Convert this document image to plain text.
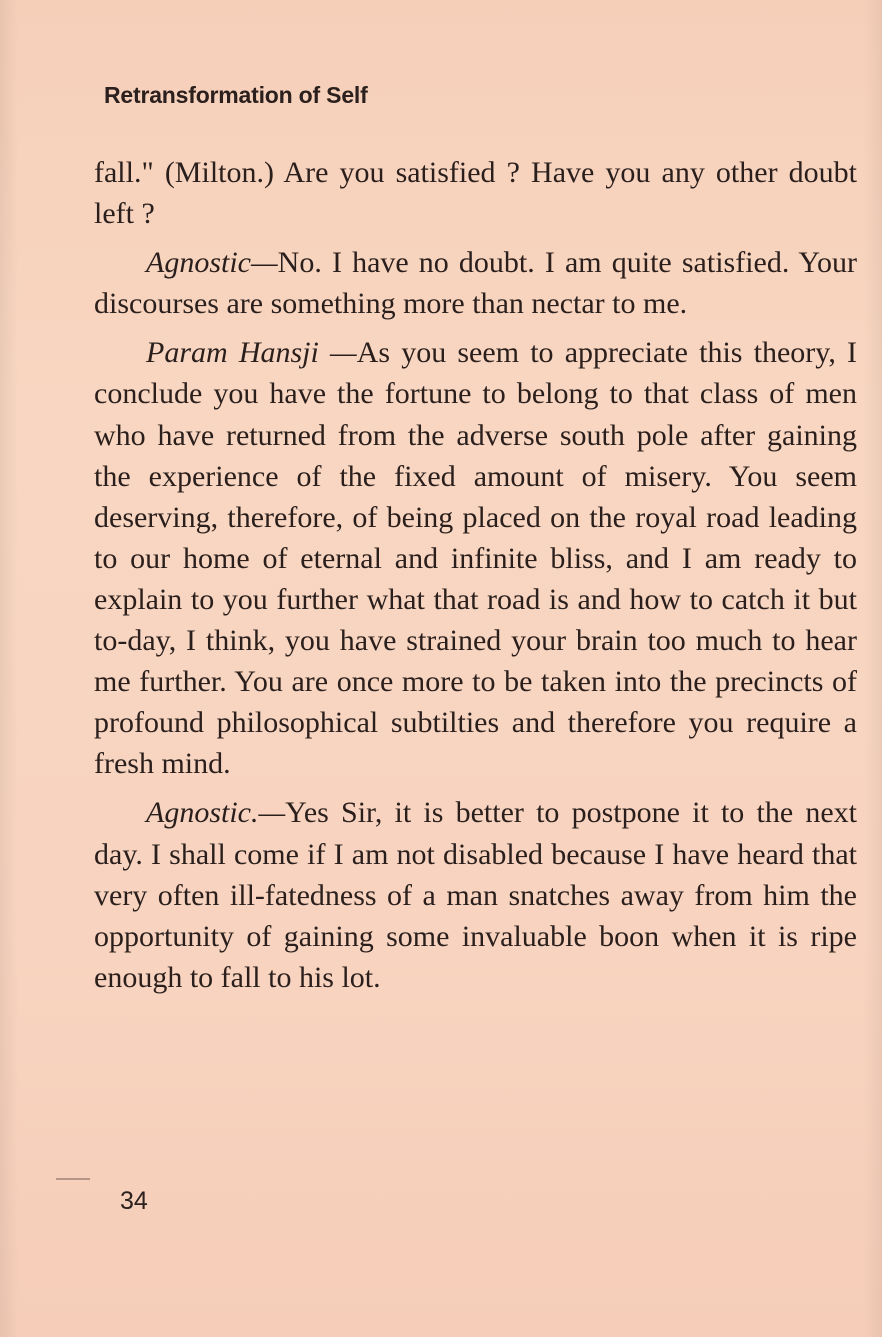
Retransformation of Self

fall." (Milton.) Are you satisfied ? Have you any other doubt left ?

Agnostic—No. I have no doubt. I am quite satisfied. Your discourses are something more than nectar to me.

Param Hansji —As you seem to appreciate this theory, I conclude you have the fortune to belong to that class of men who have returned from the adverse south pole after gaining the experience of the fixed amount of misery. You seem deserving, therefore, of being placed on the royal road leading to our home of eternal and infinite bliss, and I am ready to explain to you further what that road is and how to catch it but to-day, I think, you have strained your brain too much to hear me further. You are once more to be taken into the precincts of profound philosophical subtilties and therefore you require a fresh mind.

Agnostic.—Yes Sir, it is better to postpone it to the next day. I shall come if I am not disabled because I have heard that very often ill-fatedness of a man snatches away from him the opportunity of gaining some invaluable boon when it is ripe enough to fall to his lot.

34
